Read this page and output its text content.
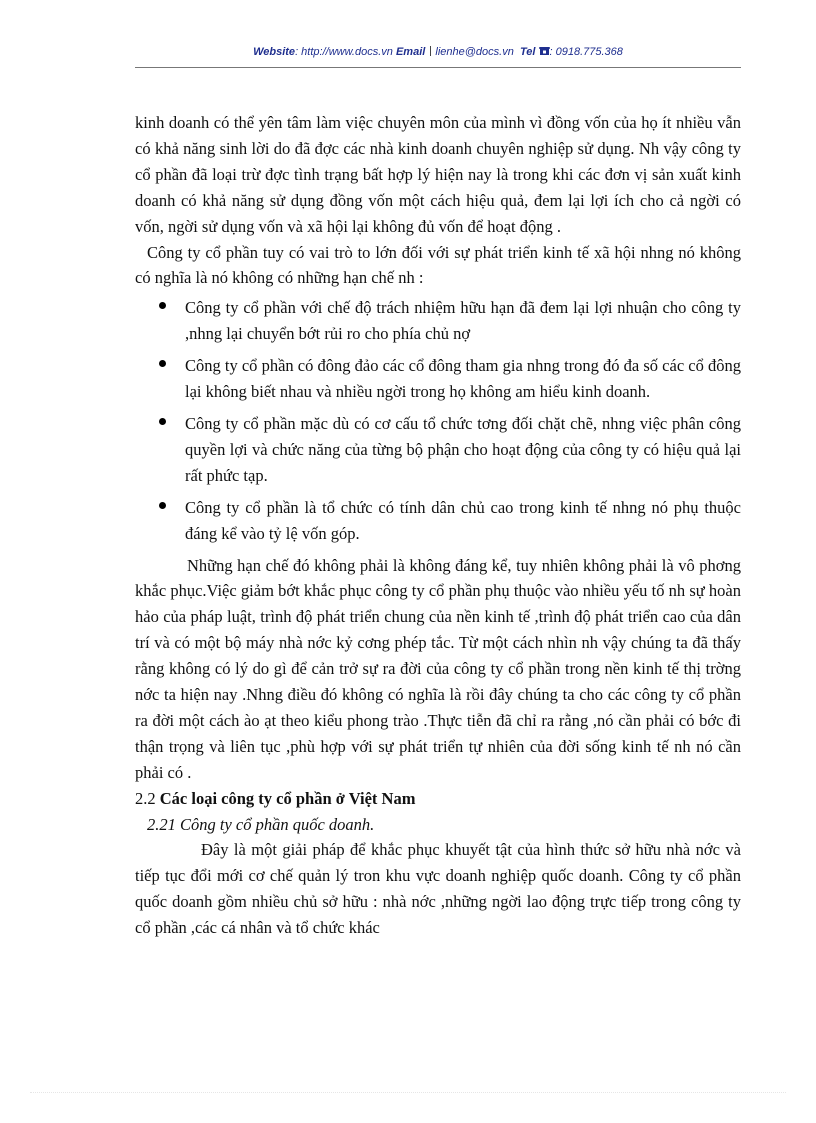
Website: http://www.docs.vn Email lienhe@docs.vn Tel : 0918.775.368

kinh doanh có thể yên tâm làm việc chuyên môn của mình vì đồng vốn của họ ít nhiều vẫn có khả năng sinh lời do đã đợc các nhà kinh doanh chuyên nghiệp sử dụng. Nh vậy công ty cổ phần đã loại trừ đợc tình trạng bất hợp lý hiện nay là trong khi các đơn vị sản xuất kinh doanh có khả năng sử dụng đồng vốn một cách hiệu quả, đem lại lợi ích cho cả ngời có vốn, ngời sử dụng vốn và xã hội lại không đủ vốn để hoạt động .

Công ty cổ phần tuy có vai trò to lớn đối với sự phát triển kinh tế xã hội nhng nó không có nghĩa là nó không có những hạn chế nh :

Công ty cổ phần với chế độ trách nhiệm hữu hạn đã đem lại lợi nhuận cho công ty ,nhng lại chuyển bớt rủi ro cho phía chủ nợ
Công ty cổ phần có đông đảo các cổ đông tham gia nhng trong đó đa số các cổ đông lại không biết nhau và nhiều ngời trong họ không am hiểu kinh doanh.
Công ty cổ phần mặc dù có cơ cấu tổ chức tơng đối chặt chẽ, nhng việc phân công quyền lợi và chức năng của từng bộ phận cho hoạt động của công ty có hiệu quả lại rất phức tạp.
Công ty cổ phần là tổ chức có tính dân chủ cao trong kinh tế nhng nó phụ thuộc đáng kể vào tỷ lệ vốn góp.

Những hạn chế đó không phải là không đáng kể, tuy nhiên không phải là vô phơng khắc phục.Việc giảm bớt khắc phục công ty cổ phần phụ thuộc vào nhiều yếu tố nh sự hoàn hảo của pháp luật, trình độ phát triển chung của nền kinh tế ,trình độ phát triển cao của dân trí và có một bộ máy nhà nớc kỷ cơng phép tắc. Từ một cách nhìn nh vậy chúng ta đã thấy rằng không có lý do gì để cản trở sự ra đời của công ty cổ phần trong nền kinh tế thị trờng nớc ta hiện nay .Nhng điều đó không có nghĩa là rồi đây chúng ta cho các công ty cổ phần ra đời một cách ào ạt theo kiểu phong trào .Thực tiễn đã chỉ ra rằng ,nó cần phải có bớc đi thận trọng và liên tục ,phù hợp với sự phát triển tự nhiên của đời sống kinh tế nh nó cần phải có .

2.2 Các loại công ty cổ phần ở Việt Nam
2.21 Công ty cổ phần quốc doanh.

Đây là một giải pháp để khắc phục khuyết tật của hình thức sở hữu nhà nớc và tiếp tục đổi mới cơ chế quản lý tron khu vực doanh nghiệp quốc doanh. Công ty cổ phần quốc doanh gồm nhiều chủ sở hữu : nhà nớc ,những ngời lao động trực tiếp trong công ty cổ phần ,các cá nhân và tổ chức khác
